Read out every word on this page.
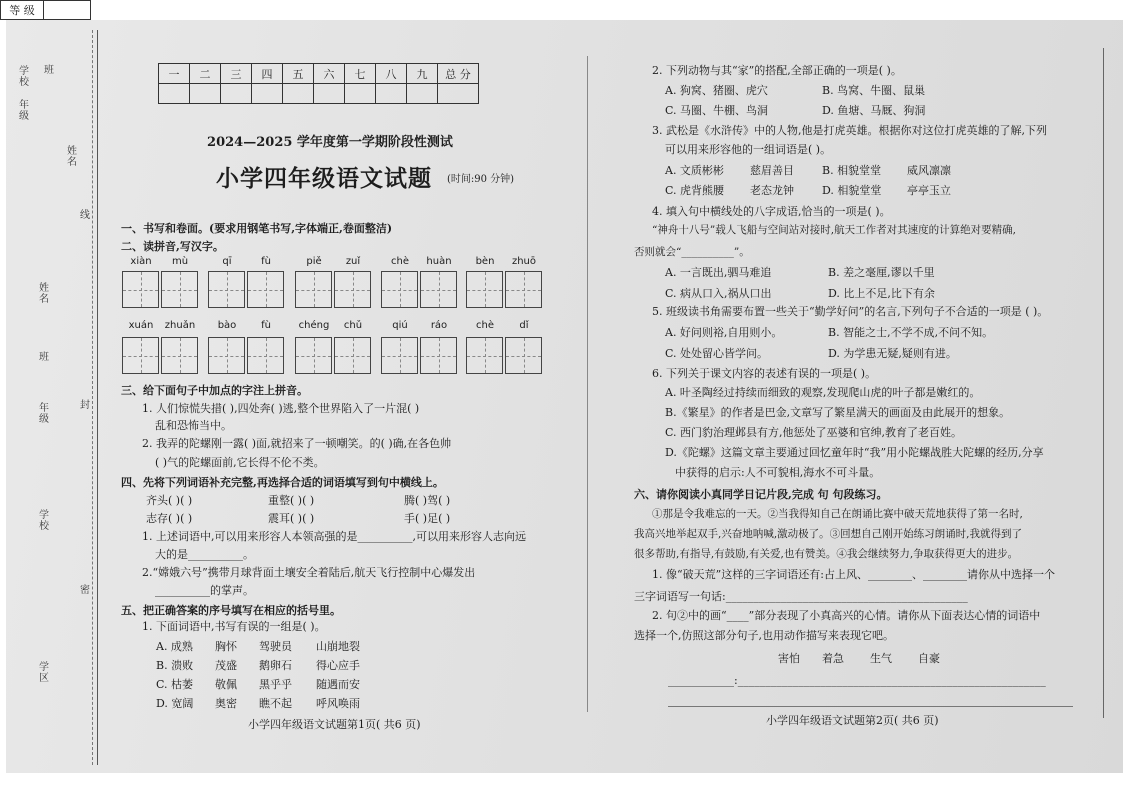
学校
班
年级
姓名
姓名
线
班
年级
封
学校
密
学区
一	二	三	四	五	六	七	八	九	总 分

2024—2025 学年度第一学期阶段性测试
小学四年级语文试题 (时间:90 分钟)
等 级	
一、书写和卷面。(要求用钢笔书写,字体端正,卷面整洁)
二、读拼音,写汉字。
xiàn	mù	qī	fù	piě	zuǐ	chè	huàn	bèn	zhuō
xuán	zhuǎn	bào	fù	chéng	chǔ	qiú	ráo	chè	dǐ
三、给下面句子中加点的字注上拼音。
1. 人们惊慌失措( ),四处奔( )逃,整个世界陷入了一片混( )
乱和恐怖当中。
2. 我弄的陀螺刚一露( )面,就招来了一顿嘲笑。的( )确,在各色帅
( )气的陀螺面前,它长得不伦不类。
四、先将下列词语补充完整,再选择合适的词语填写到句中横线上。
齐头( )( )	重整( )( )	腾( )驾( )
志存( )( )	震耳( )( )	手( )足( )
1. 上述词语中,可以用来形容人本领高强的是__________,可以用来形容人志向远
大的是__________。
2.“嫦娥六号”携带月球背面土壤安全着陆后,航天飞行控制中心爆发出
__________的掌声。
五、把正确答案的序号填写在相应的括号里。
1. 下面词语中,书写有误的一组是( )。
A. 成熟 胸怀 驾驶员 山崩地裂
B. 溃败 茂盛 鹅卵石 得心应手
C. 枯萎 敬佩 黑乎乎 随遇而安
D. 宽阔 奥密 瞧不起 呼风唤雨
小学四年级语文试题第1页( 共6 页)
2. 下列动物与其“家”的搭配,全部正确的一项是( )。
A. 狗窝、猪圈、虎穴	B. 鸟窝、牛圈、鼠巢
C. 马圈、牛棚、鸟洞	D. 鱼塘、马厩、狗洞
3. 武松是《水浒传》中的人物,他是打虎英雄。根据你对这位打虎英雄的了解,下列
可以用来形容他的一组词语是( )。
A. 文质彬彬 慈眉善目	B. 相貌堂堂 威风凛凛
C. 虎背熊腰 老态龙钟	D. 相貌堂堂 亭亭玉立
4. 填入句中横线处的八字成语,恰当的一项是( )。
“神舟十八号”载人飞船与空间站对接时,航天工作者对其速度的计算绝对要精确,
否则就会“__________”。
A. 一言既出,驷马难追	B. 差之毫厘,谬以千里
C. 病从口入,祸从口出	D. 比上不足,比下有余
5. 班级读书角需要布置一些关于“勤学好问”的名言,下列句子不合适的一项是 ( )。
A. 好问则裕,自用则小。	B. 智能之士,不学不成,不问不知。
C. 处处留心皆学问。	D. 为学患无疑,疑则有进。
6. 下列关于课文内容的表述有误的一项是( )。
A. 叶圣陶经过持续而细致的观察,发现爬山虎的叶子都是嫩红的。
B.《繁星》的作者是巴金,文章写了繁星满天的画面及由此展开的想象。
C. 西门豹治理邺县有方,他惩处了巫婆和官绅,教育了老百姓。
D.《陀螺》这篇文章主要通过回忆童年时“我”用小陀螺战胜大陀螺的经历,分享
中获得的启示:人不可貌相,海水不可斗量。
六、请你阅读小真同学日记片段,完成 句 句段练习。
①那是令我难忘的一天。②当我得知自己在朗诵比赛中破天荒地获得了第一名时,
我高兴地举起双手,兴奋地呐喊,激动极了。③回想自己刚开始练习朗诵时,我就得到了
很多帮助,有指导,有鼓励,有关爱,也有赞美。④我会继续努力,争取获得更大的进步。
1. 像“破天荒”这样的三字词语还有:占上风、________、________请你从中选择一个
三字词语写一句话:____________________________________________
2. 句②中的画“____”部分表现了小真高兴的心情。请你从下面表达心情的词语中
选择一个,仿照这部分句子,也用动作描写来表现它吧。
害怕 着急 生气 自豪
____________:________________________________________________________
小学四年级语文试题第2页( 共6 页)
